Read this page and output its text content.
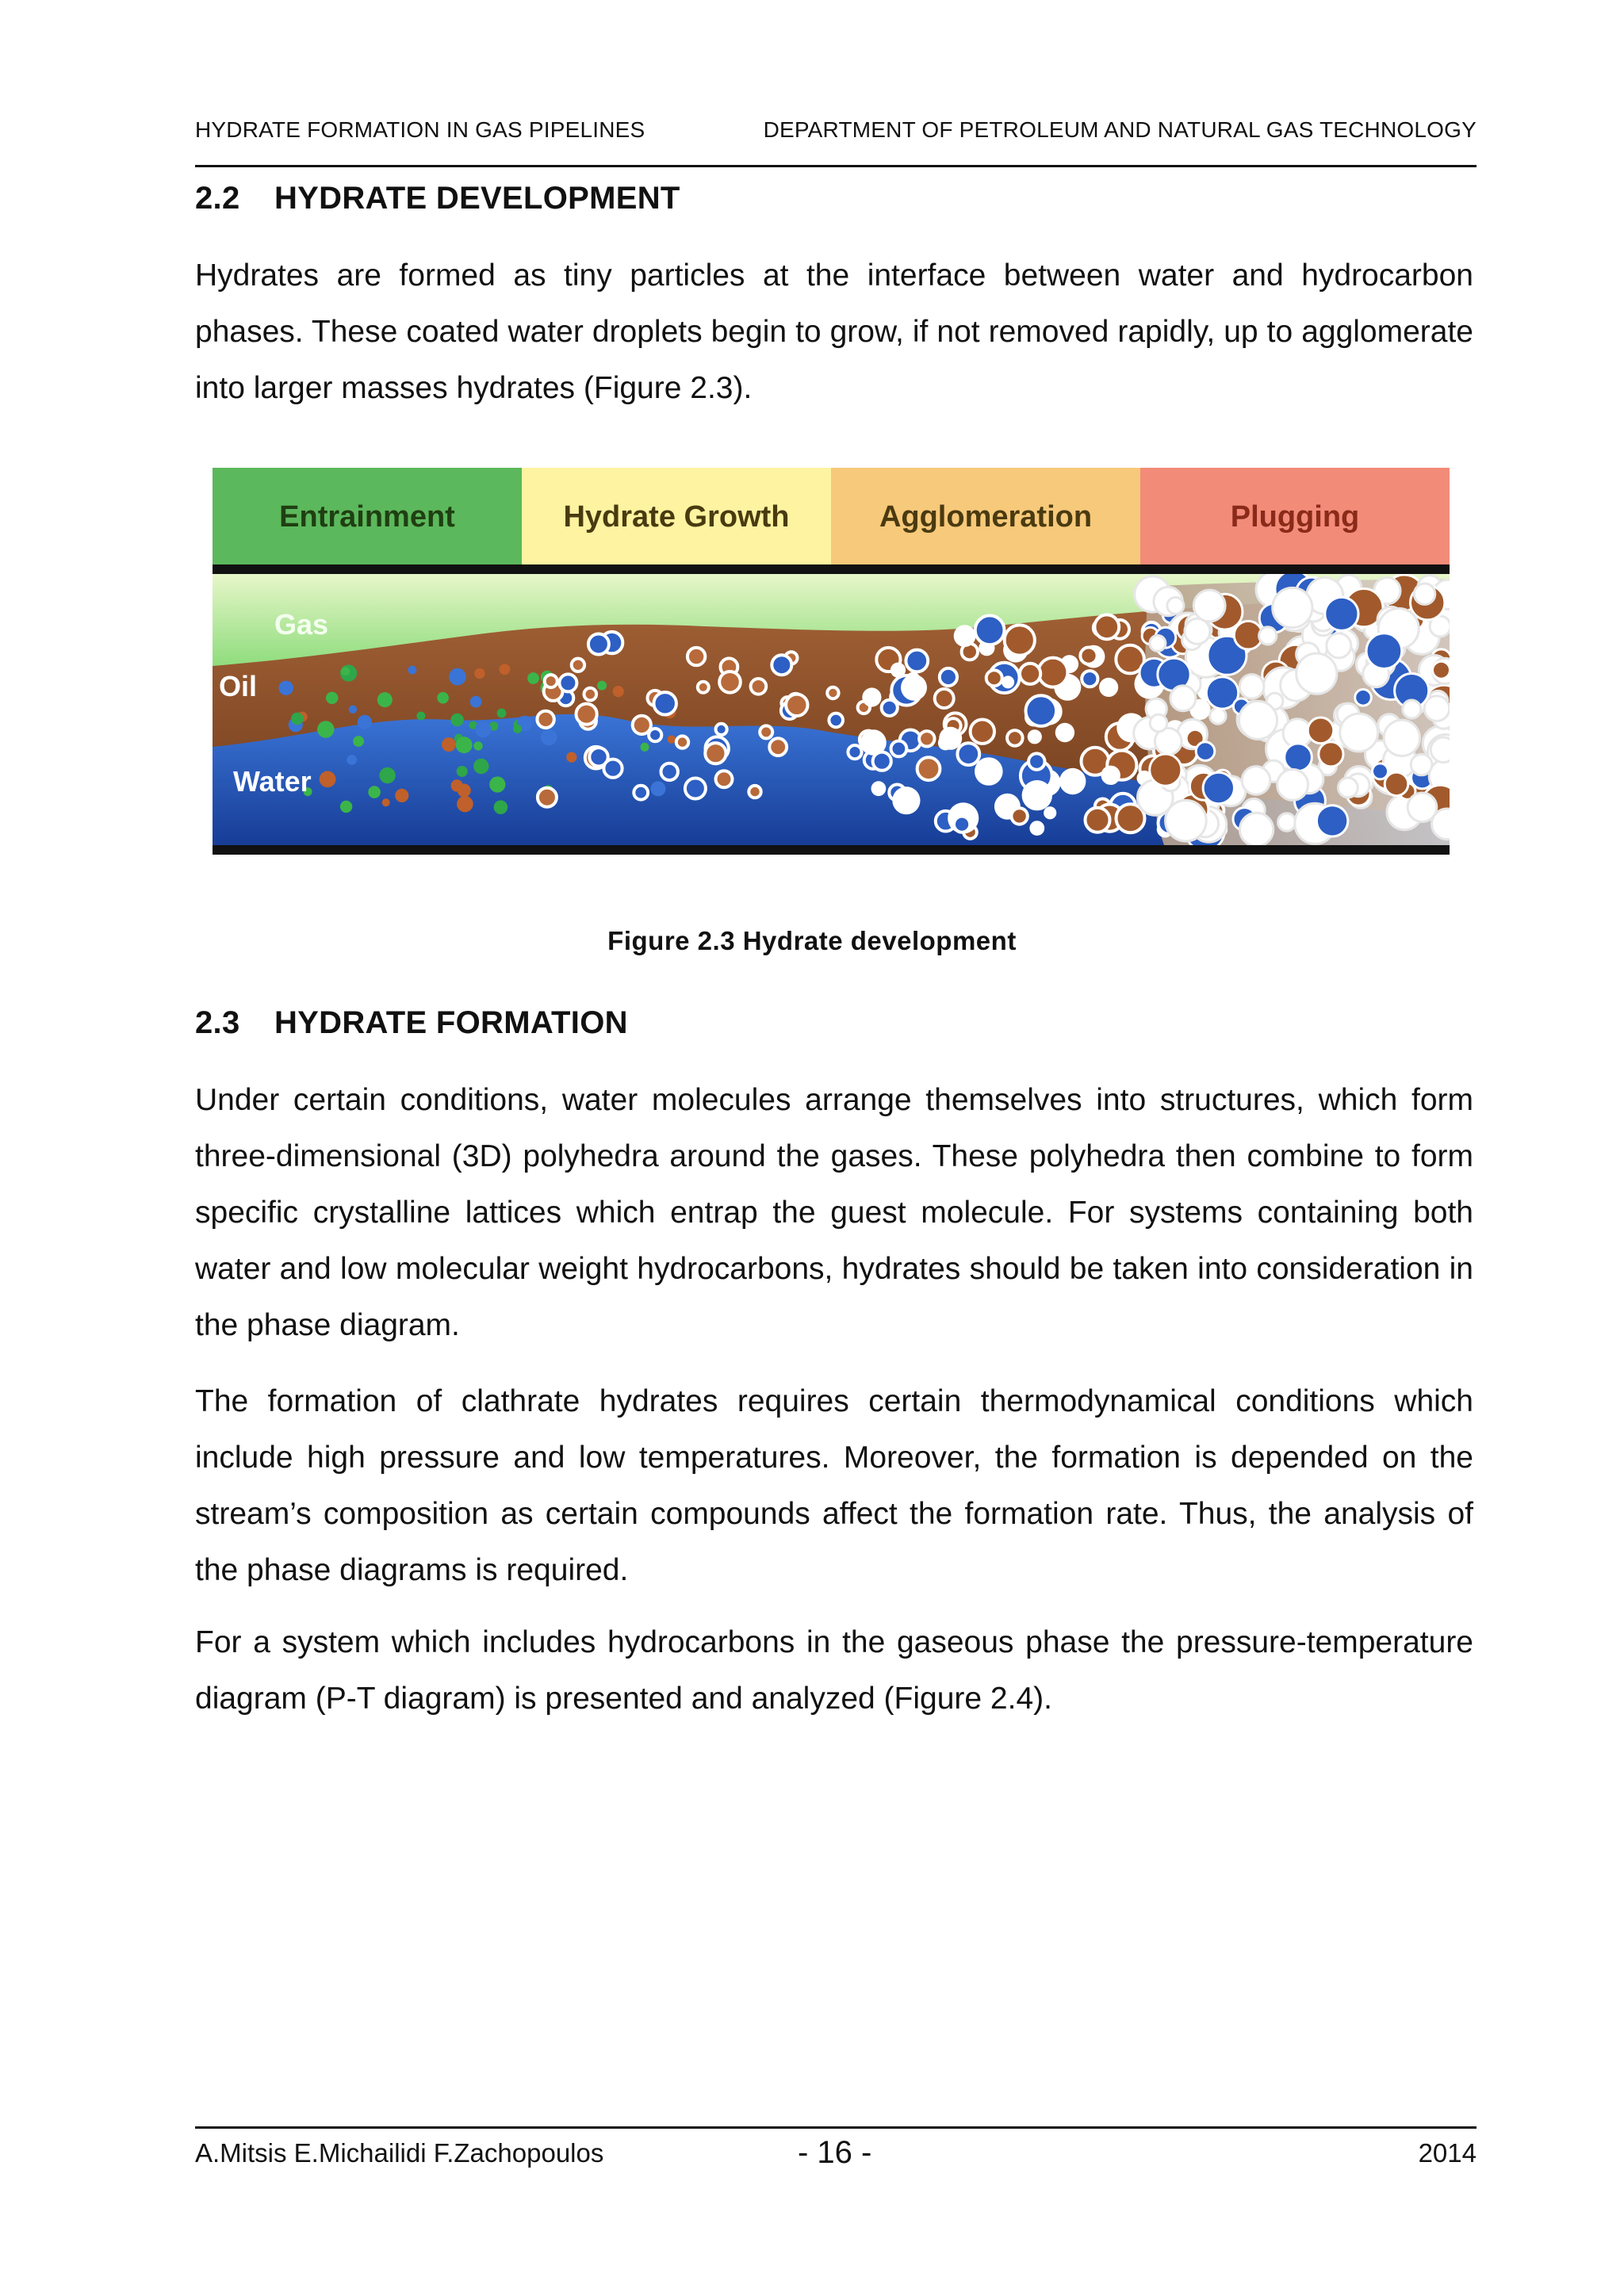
HYDRATE FORMATION IN GAS PIPELINES	DEPARTMENT OF PETROLEUM AND NATURAL GAS TECHNOLOGY
2.2 HYDRATE DEVELOPMENT
Hydrates are formed as tiny particles at the interface between water and hydrocarbon phases. These coated water droplets begin to grow, if not removed rapidly, up to agglomerate into larger masses hydrates (Figure 2.3).
Entrainment	Hydrate Growth	Agglomeration	Plugging
Gas
Oil
Water
Figure 2.3 Hydrate development
2.3 HYDRATE FORMATION
Under certain conditions, water molecules arrange themselves into structures, which form three-dimensional (3D) polyhedra around the gases. These polyhedra then combine to form specific crystalline lattices which entrap the guest molecule. For systems containing both water and low molecular weight hydrocarbons, hydrates should be taken into consideration in the phase diagram.
The formation of clathrate hydrates requires certain thermodynamical conditions which include high pressure and low temperatures. Moreover, the formation is depended on the stream’s composition as certain compounds affect the formation rate. Thus, the analysis of the phase diagrams is required.
For a system which includes hydrocarbons in the gaseous phase the pressure-temperature diagram (P-T diagram) is presented and analyzed (Figure 2.4).
A.Mitsis E.Michailidi F.Zachopoulos	- 16 -	2014
